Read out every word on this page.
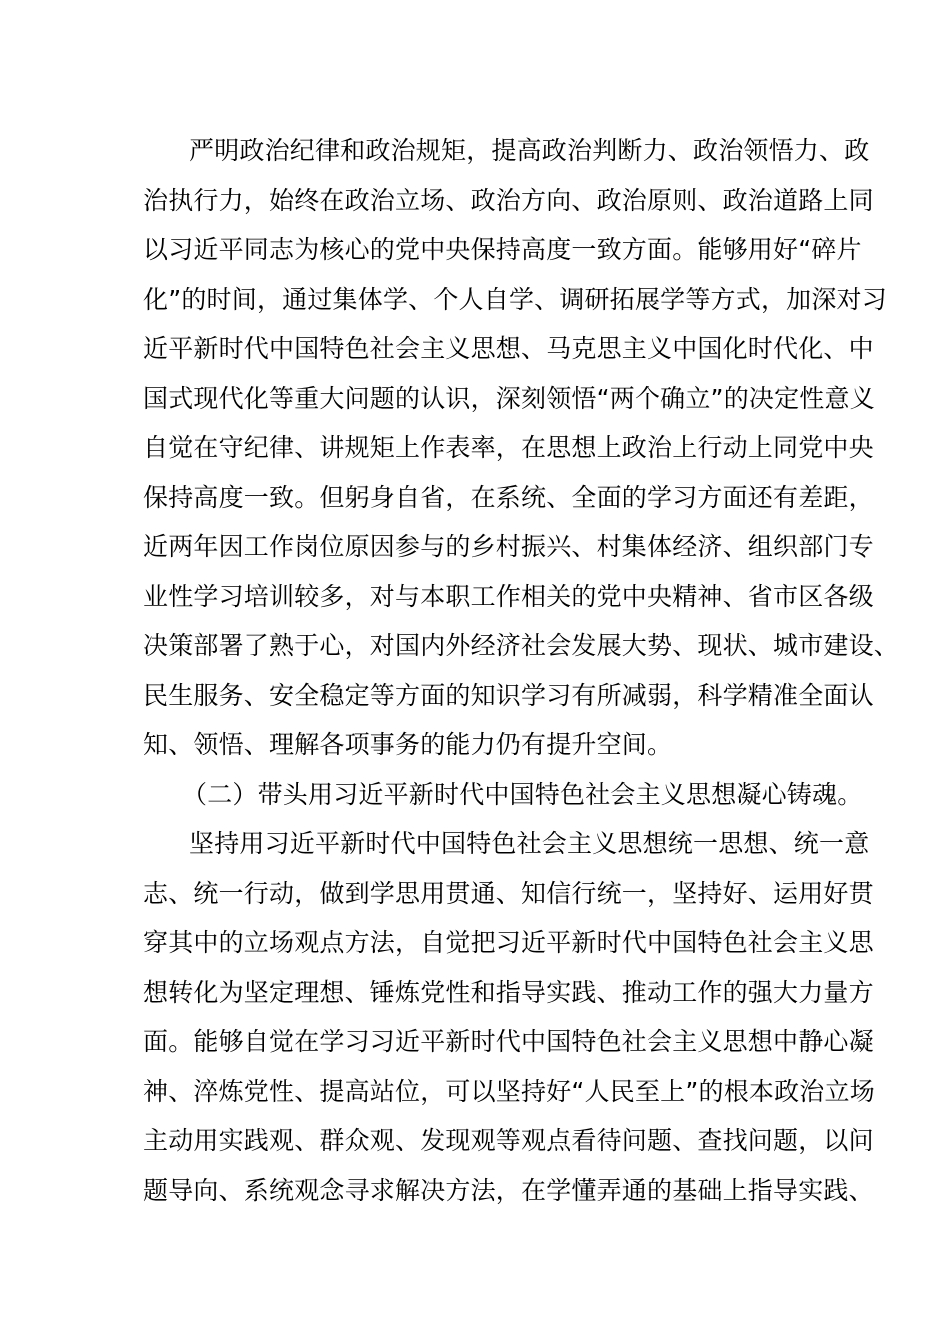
严明政治纪律和政治规矩，提高政治判断力、政治领悟力、政
治执行力，始终在政治立场、政治方向、政治原则、政治道路上同
以习近平同志为核心的党中央保持高度一致方面。能够用好“碎片
化”的时间，通过集体学、个人自学、调研拓展学等方式，加深对习
近平新时代中国特色社会主义思想、马克思主义中国化时代化、中
国式现代化等重大问题的认识，深刻领悟“两个确立”的决定性意义
自觉在守纪律、讲规矩上作表率，在思想上政治上行动上同党中央
保持高度一致。但躬身自省，在系统、全面的学习方面还有差距，
近两年因工作岗位原因参与的乡村振兴、村集体经济、组织部门专
业性学习培训较多，对与本职工作相关的党中央精神、省市区各级
决策部署了熟于心，对国内外经济社会发展大势、现状、城市建设、
民生服务、安全稳定等方面的知识学习有所减弱，科学精准全面认
知、领悟、理解各项事务的能力仍有提升空间。
（二）带头用习近平新时代中国特色社会主义思想凝心铸魂。
坚持用习近平新时代中国特色社会主义思想统一思想、统一意
志、统一行动，做到学思用贯通、知信行统一，坚持好、运用好贯
穿其中的立场观点方法，自觉把习近平新时代中国特色社会主义思
想转化为坚定理想、锤炼党性和指导实践、推动工作的强大力量方
面。能够自觉在学习习近平新时代中国特色社会主义思想中静心凝
神、淬炼党性、提高站位，可以坚持好“人民至上”的根本政治立场
主动用实践观、群众观、发现观等观点看待问题、查找问题，以问
题导向、系统观念寻求解决方法，在学懂弄通的基础上指导实践、
